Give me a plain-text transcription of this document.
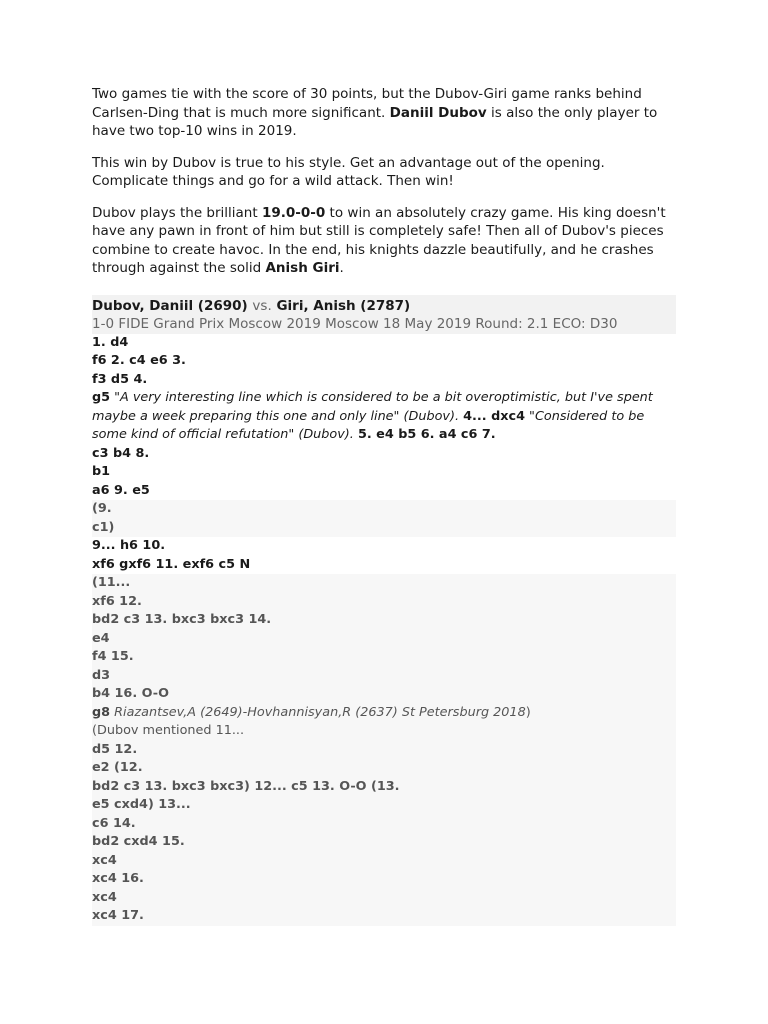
Two games tie with the score of 30 points, but the Dubov-Giri game ranks behind Carlsen-Ding that is much more significant. Daniil Dubov is also the only player to have two top-10 wins in 2019.

This win by Dubov is true to his style. Get an advantage out of the opening. Complicate things and go for a wild attack. Then win!

Dubov plays the brilliant 19.0-0-0 to win an absolutely crazy game. His king doesn't have any pawn in front of him but still is completely safe! Then all of Dubov's pieces combine to create havoc. In the end, his knights dazzle beautifully, and he crashes through against the solid Anish Giri.

Dubov, Daniil (2690) vs. Giri, Anish (2787)
1-0 FIDE Grand Prix Moscow 2019 Moscow 18 May 2019 Round: 2.1 ECO: D30
1. d4
f6 2. c4 e6 3.
f3 d5 4.
g5 "A very interesting line which is considered to be a bit overoptimistic, but I've spent maybe a week preparing this one and only line" (Dubov). 4... dxc4 "Considered to be some kind of official refutation" (Dubov). 5. e4 b5 6. a4 c6 7.
c3 b4 8.
b1
a6 9. e5
(9.
c1)
9... h6 10.
xf6 gxf6 11. exf6 c5 N
(11...
xf6 12.
bd2 c3 13. bxc3 bxc3 14.
e4
f4 15.
d3
b4 16. O-O
g8 Riazantsev,A (2649)-Hovhannisyan,R (2637) St Petersburg 2018)
(Dubov mentioned 11...
d5 12.
e2 (12.
bd2 c3 13. bxc3 bxc3) 12... c5 13. O-O (13.
e5 cxd4) 13...
c6 14.
bd2 cxd4 15.
xc4
xc4 16.
xc4
xc4 17.
